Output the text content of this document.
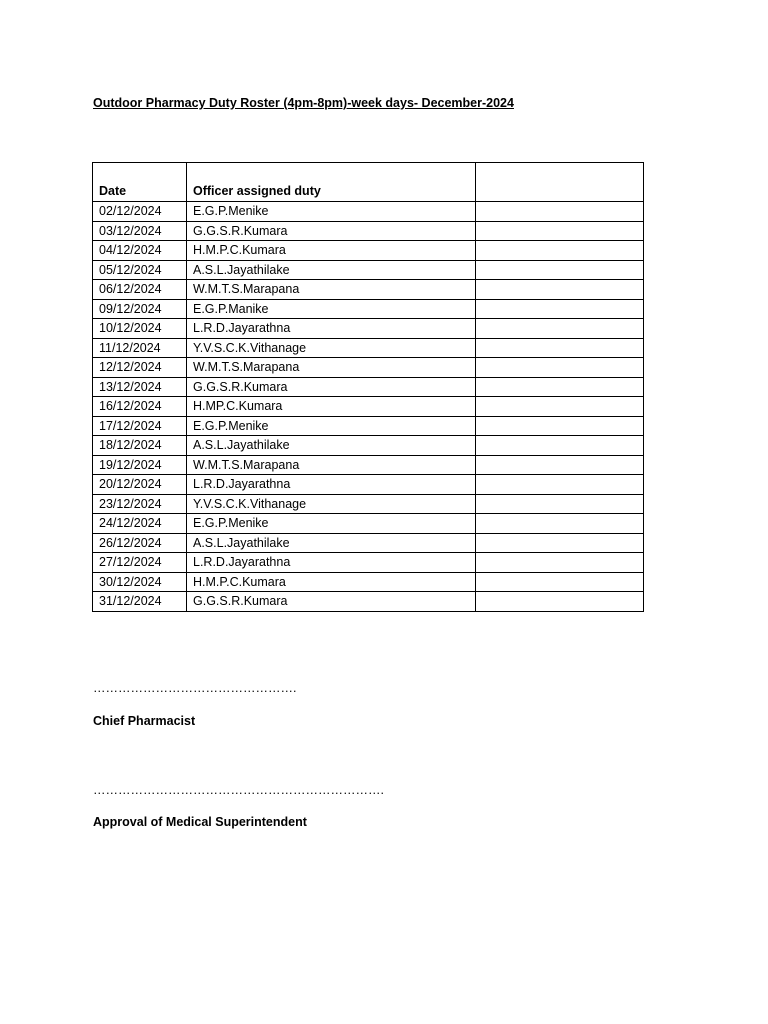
Outdoor Pharmacy Duty Roster (4pm-8pm)-week days- December-2024
Date	Officer assigned duty	
02/12/2024	E.G.P.Menike	
03/12/2024	G.G.S.R.Kumara	
04/12/2024	H.M.P.C.Kumara	
05/12/2024	A.S.L.Jayathilake	
06/12/2024	W.M.T.S.Marapana	
09/12/2024	E.G.P.Manike	
10/12/2024	L.R.D.Jayarathna	
11/12/2024	Y.V.S.C.K.Vithanage	
12/12/2024	W.M.T.S.Marapana	
13/12/2024	G.G.S.R.Kumara	
16/12/2024	H.MP.C.Kumara	
17/12/2024	E.G.P.Menike	
18/12/2024	A.S.L.Jayathilake	
19/12/2024	W.M.T.S.Marapana	
20/12/2024	L.R.D.Jayarathna	
23/12/2024	Y.V.S.C.K.Vithanage	
24/12/2024	E.G.P.Menike	
26/12/2024	A.S.L.Jayathilake	
27/12/2024	L.R.D.Jayarathna	
30/12/2024	H.M.P.C.Kumara	
31/12/2024	G.G.S.R.Kumara	
………………………………………….
Chief Pharmacist
…………………………………………………………….
Approval of Medical Superintendent
